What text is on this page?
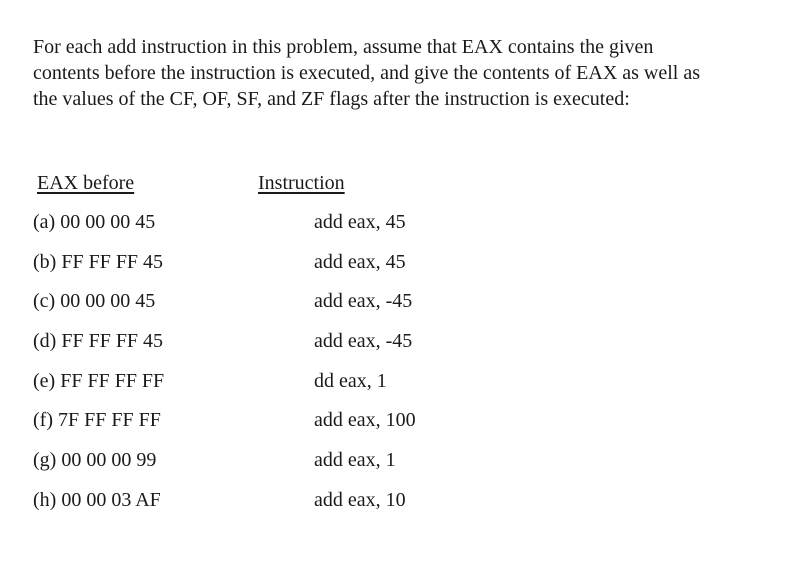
For each add instruction in this problem, assume that EAX contains the given
contents before the instruction is executed, and give the contents of EAX as well as
the values of the CF, OF, SF, and ZF flags after the instruction is executed:

EAX before	Instruction
(a) 00 00 00 45	add eax, 45
(b) FF FF FF 45	add eax, 45
(c) 00 00 00 45	add eax, -45
(d) FF FF FF 45	add eax, -45
(e) FF FF FF FF	dd eax, 1
(f) 7F FF FF FF	add eax, 100
(g) 00 00 00 99	add eax, 1
(h) 00 00 03 AF	add eax, 10
